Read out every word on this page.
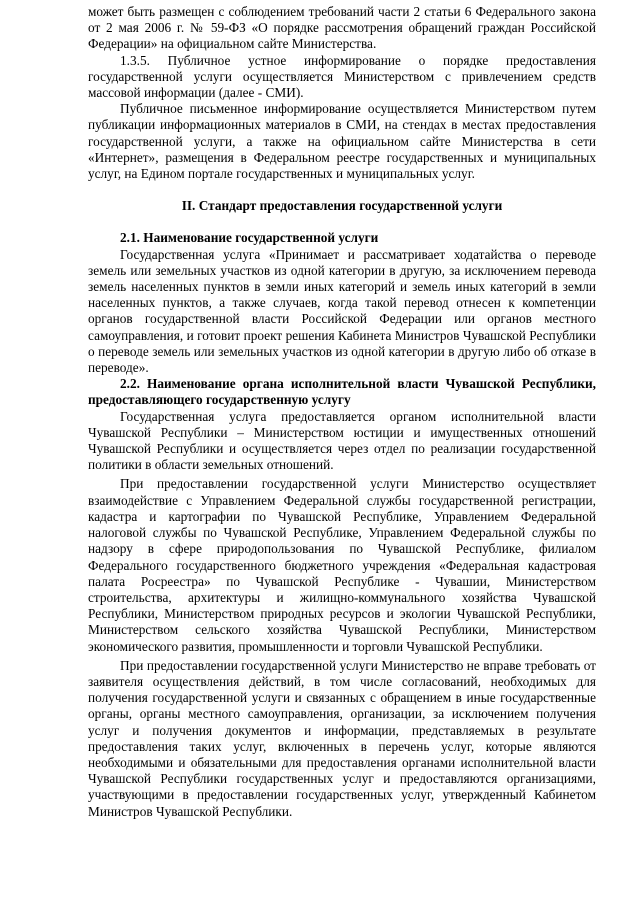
может быть размещен с соблюдением требований части 2 статьи 6 Федерального закона от 2 мая 2006 г. № 59-ФЗ «О порядке рассмотрения обращений граждан Российской Федерации» на официальном сайте Министерства.

1.3.5. Публичное устное информирование о порядке предоставления государственной услуги осуществляется Министерством с привлечением средств массовой информации (далее - СМИ).

Публичное письменное информирование осуществляется Министерством путем публикации информационных материалов в СМИ, на стендах в местах предоставления государственной услуги, а также на официальном сайте Министерства в сети «Интернет», размещения в Федеральном реестре государственных и муниципальных услуг, на Едином портале государственных и муниципальных услуг.

II. Стандарт предоставления государственной услуги

2.1. Наименование государственной услуги

Государственная услуга «Принимает и рассматривает ходатайства о переводе земель или земельных участков из одной категории в другую, за исключением перевода земель населенных пунктов в земли иных категорий и земель иных категорий в земли населенных пунктов, а также случаев, когда такой перевод отнесен к компетенции органов государственной власти Российской Федерации или органов местного самоуправления, и готовит проект решения Кабинета Министров Чувашской Республики о переводе земель или земельных участков из одной категории в другую либо об отказе в переводе».

2.2. Наименование органа исполнительной власти Чувашской Республики, предоставляющего государственную услугу

Государственная услуга предоставляется органом исполнительной власти Чувашской Республики – Министерством юстиции и имущественных отношений Чувашской Республики и осуществляется через отдел по реализации государственной политики в области земельных отношений.

При предоставлении государственной услуги Министерство осуществляет взаимодействие с Управлением Федеральной службы государственной регистрации, кадастра и картографии по Чувашской Республике, Управлением Федеральной налоговой службы по Чувашской Республике, Управлением Федеральной службы по надзору в сфере природопользования по Чувашской Республике, филиалом Федерального государственного бюджетного учреждения «Федеральная кадастровая палата Росреестра» по Чувашской Республике - Чувашии, Министерством строительства, архитектуры и жилищно-коммунального хозяйства Чувашской Республики, Министерством природных ресурсов и экологии Чувашской Республики, Министерством сельского хозяйства Чувашской Республики, Министерством экономического развития, промышленности и торговли Чувашской Республики.

При предоставлении государственной услуги Министерство не вправе требовать от заявителя осуществления действий, в том числе согласований, необходимых для получения государственной услуги и связанных с обращением в иные государственные органы, органы местного самоуправления, организации, за исключением получения услуг и получения документов и информации, представляемых в результате предоставления таких услуг, включенных в перечень услуг, которые являются необходимыми и обязательными для предоставления органами исполнительной власти Чувашской Республики государственных услуг и предоставляются организациями, участвующими в предоставлении государственных услуг, утвержденный Кабинетом Министров Чувашской Республики.
